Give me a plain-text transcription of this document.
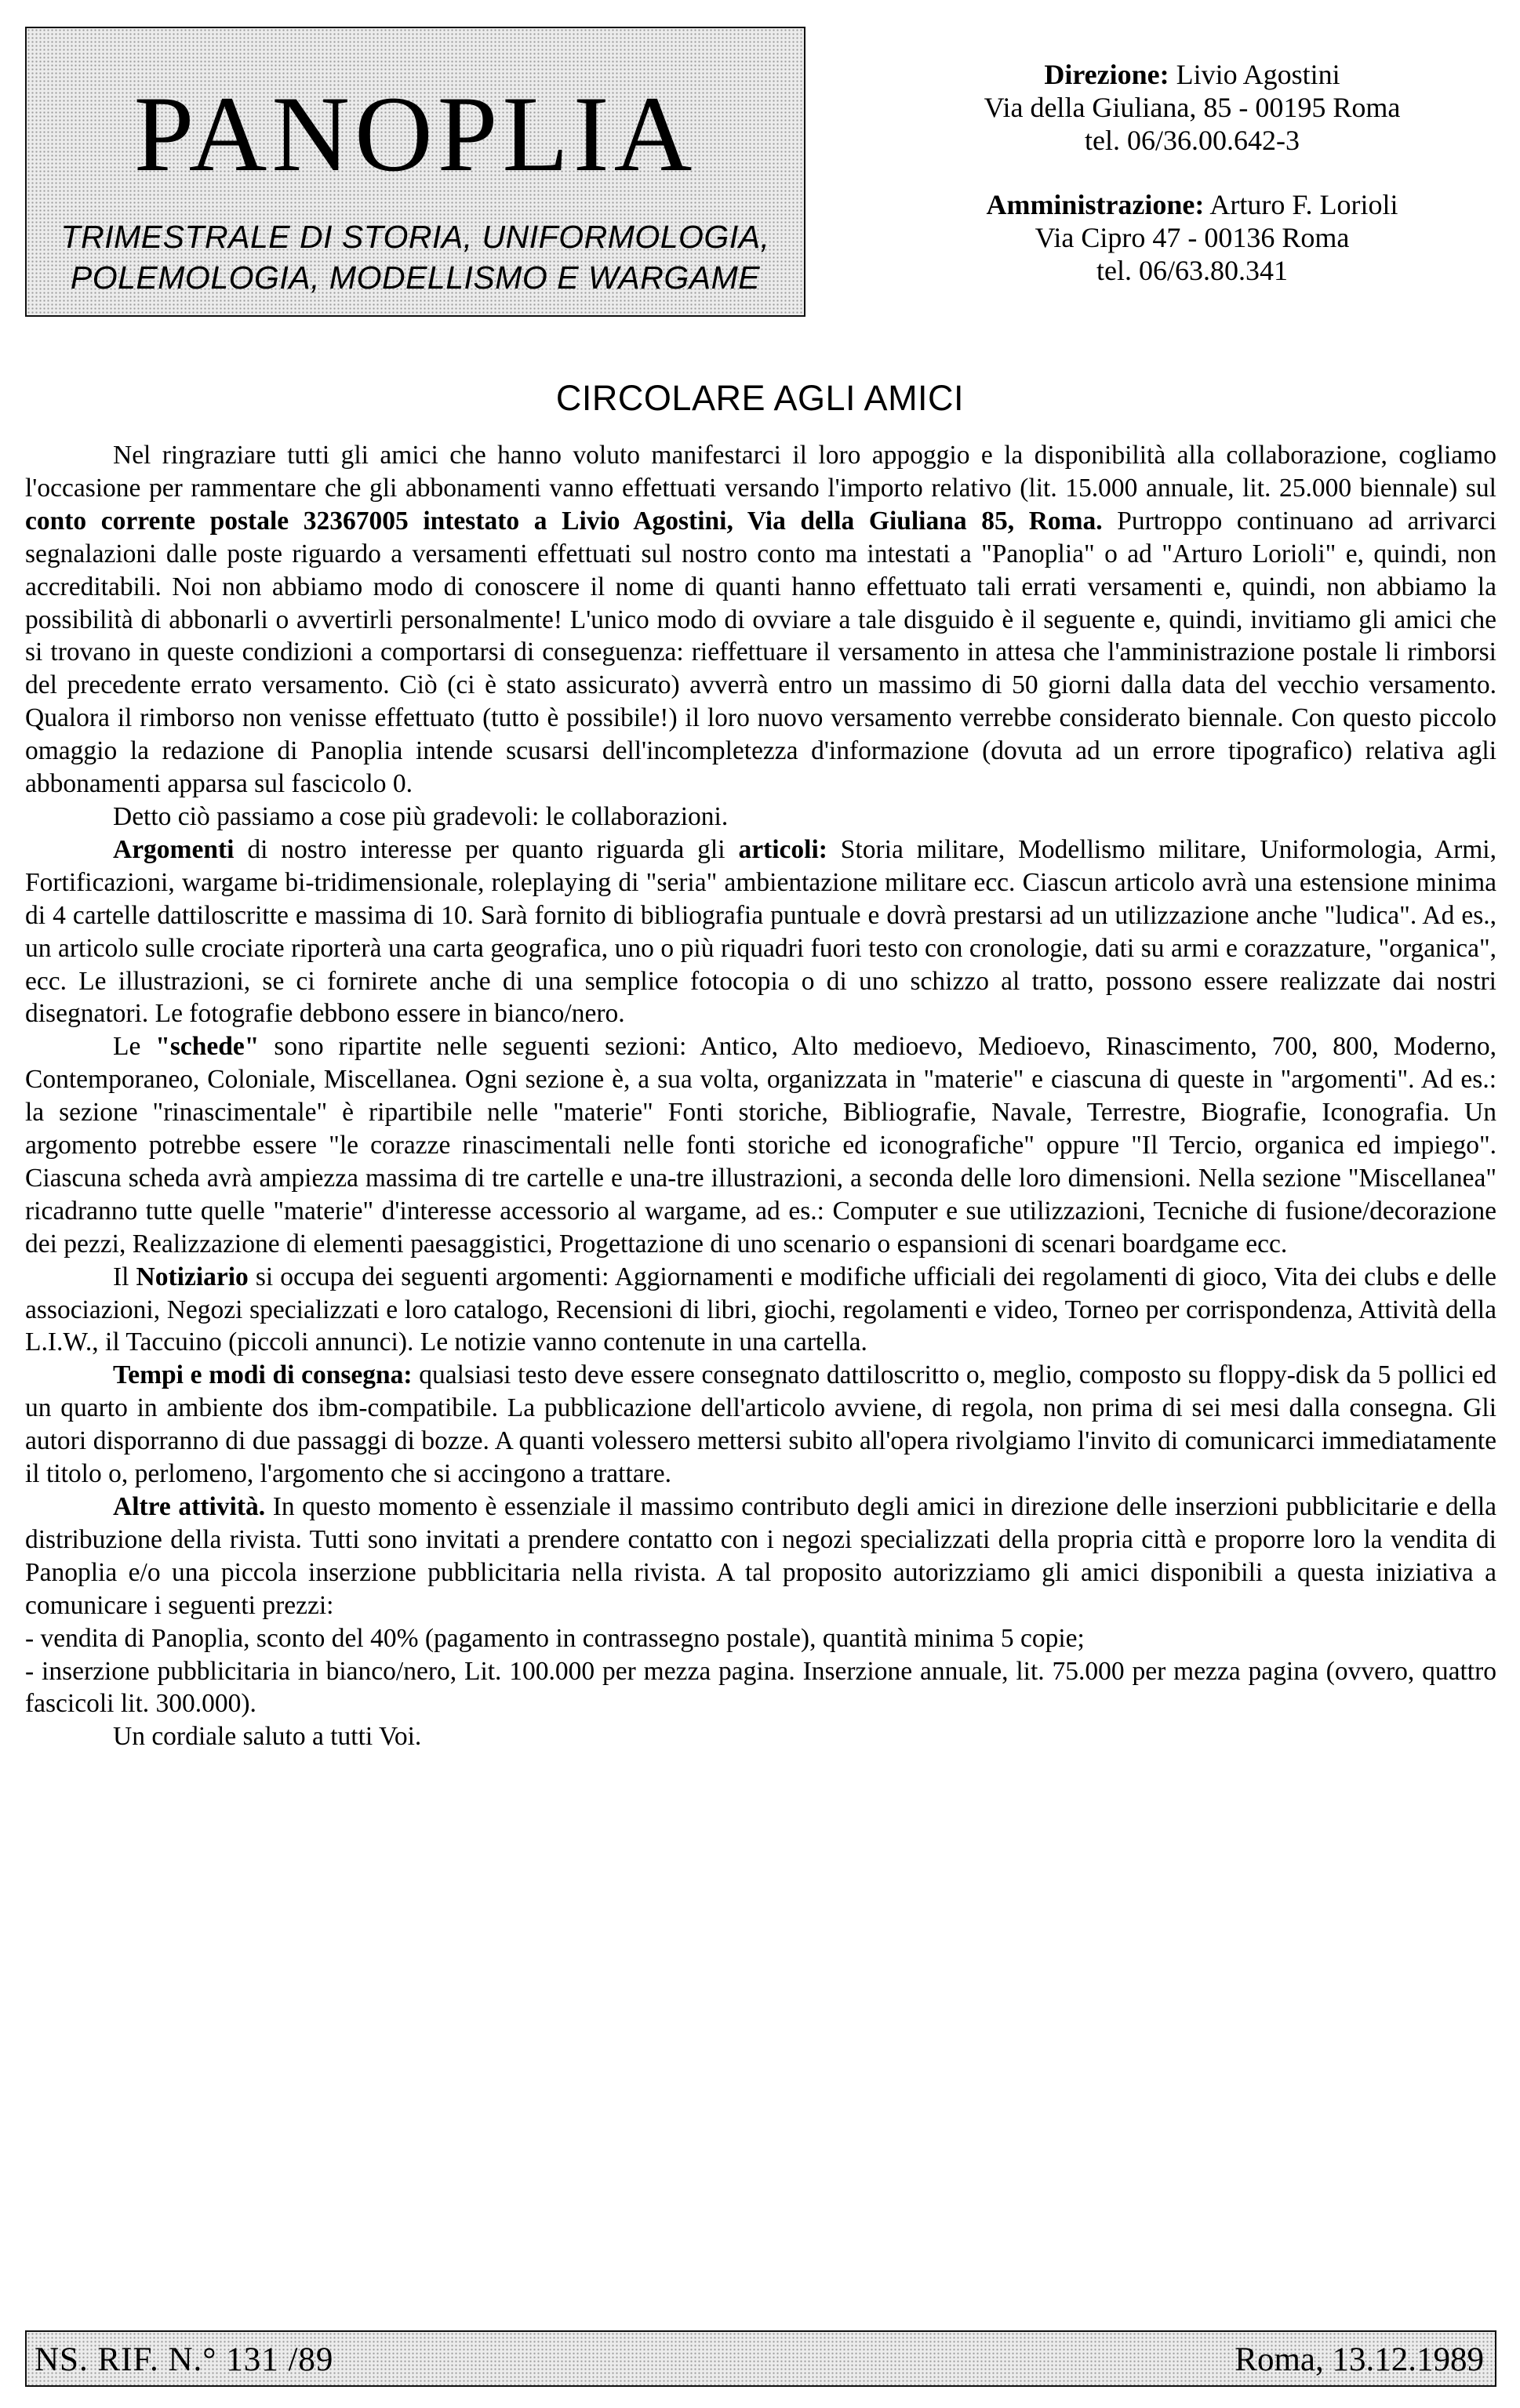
PANOPLIA
TRIMESTRALE DI STORIA, UNIFORMOLOGIA,
POLEMOLOGIA, MODELLISMO E WARGAME
Direzione: Livio Agostini
Via della Giuliana, 85 - 00195 Roma
tel. 06/36.00.642-3
Amministrazione: Arturo F. Lorioli
Via Cipro 47 - 00136 Roma
tel. 06/63.80.341
CIRCOLARE AGLI AMICI

Nel ringraziare tutti gli amici che hanno voluto manifestarci il loro appoggio e la disponibilità alla collaborazione, cogliamo l'occasione per rammentare che gli abbonamenti vanno effettuati versando l'importo relativo (lit. 15.000 annuale, lit. 25.000 biennale) sul conto corrente postale 32367005 intestato a Livio Agostini, Via della Giuliana 85, Roma. Purtroppo continuano ad arrivarci segnalazioni dalle poste riguardo a versamenti effettuati sul nostro conto ma intestati a "Panoplia" o ad "Arturo Lorioli" e, quindi, non accreditabili. Noi non abbiamo modo di conoscere il nome di quanti hanno effettuato tali errati versamenti e, quindi, non abbiamo la possibilità di abbonarli o avvertirli personalmente! L'unico modo di ovviare a tale disguido è il seguente e, quindi, invitiamo gli amici che si trovano in queste condizioni a comportarsi di conseguenza: rieffettuare il versamento in attesa che l'amministrazione postale li rimborsi del precedente errato versamento. Ciò (ci è stato assicurato) avverrà entro un massimo di 50 giorni dalla data del vecchio versamento. Qualora il rimborso non venisse effettuato (tutto è possibile!) il loro nuovo versamento verrebbe considerato biennale. Con questo piccolo omaggio la redazione di Panoplia intende scusarsi dell'incompletezza d'informazione (dovuta ad un errore tipografico) relativa agli abbonamenti apparsa sul fascicolo 0.

Detto ciò passiamo a cose più gradevoli: le collaborazioni.

Argomenti di nostro interesse per quanto riguarda gli articoli: Storia militare, Modellismo militare, Uniformologia, Armi, Fortificazioni, wargame bi-tridimensionale, roleplaying di "seria" ambientazione militare ecc. Ciascun articolo avrà una estensione minima di 4 cartelle dattiloscritte e massima di 10. Sarà fornito di bibliografia puntuale e dovrà prestarsi ad un utilizzazione anche "ludica". Ad es., un articolo sulle crociate riporterà una carta geografica, uno o più riquadri fuori testo con cronologie, dati su armi e corazzature, "organica", ecc. Le illustrazioni, se ci fornirete anche di una semplice fotocopia o di uno schizzo al tratto, possono essere realizzate dai nostri disegnatori. Le fotografie debbono essere in bianco/nero.

Le "schede" sono ripartite nelle seguenti sezioni: Antico, Alto medioevo, Medioevo, Rinascimento, 700, 800, Moderno, Contemporaneo, Coloniale, Miscellanea. Ogni sezione è, a sua volta, organizzata in "materie" e ciascuna di queste in "argomenti". Ad es.: la sezione "rinascimentale" è ripartibile nelle "materie" Fonti storiche, Bibliografie, Navale, Terrestre, Biografie, Iconografia. Un argomento potrebbe essere "le corazze rinascimentali nelle fonti storiche ed iconografiche" oppure "Il Tercio, organica ed impiego". Ciascuna scheda avrà ampiezza massima di tre cartelle e una-tre illustrazioni, a seconda delle loro dimensioni. Nella sezione "Miscellanea" ricadranno tutte quelle "materie" d'interesse accessorio al wargame, ad es.: Computer e sue utilizzazioni, Tecniche di fusione/decorazione dei pezzi, Realizzazione di elementi paesaggistici, Progettazione di uno scenario o espansioni di scenari boardgame ecc.

Il Notiziario si occupa dei seguenti argomenti: Aggiornamenti e modifiche ufficiali dei regolamenti di gioco, Vita dei clubs e delle associazioni, Negozi specializzati e loro catalogo, Recensioni di libri, giochi, regolamenti e video, Torneo per corrispondenza, Attività della L.I.W., il Taccuino (piccoli annunci). Le notizie vanno contenute in una cartella.

Tempi e modi di consegna: qualsiasi testo deve essere consegnato dattiloscritto o, meglio, composto su floppy-disk da 5 pollici ed un quarto in ambiente dos ibm-compatibile. La pubblicazione dell'articolo avviene, di regola, non prima di sei mesi dalla consegna. Gli autori disporranno di due passaggi di bozze. A quanti volessero mettersi subito all'opera rivolgiamo l'invito di comunicarci immediatamente il titolo o, perlomeno, l'argomento che si accingono a trattare.

Altre attività. In questo momento è essenziale il massimo contributo degli amici in direzione delle inserzioni pubblicitarie e della distribuzione della rivista. Tutti sono invitati a prendere contatto con i negozi specializzati della propria città e proporre loro la vendita di Panoplia e/o una piccola inserzione pubblicitaria nella rivista. A tal proposito autorizziamo gli amici disponibili a questa iniziativa a comunicare i seguenti prezzi:

- vendita di Panoplia, sconto del 40% (pagamento in contrassegno postale), quantità minima 5 copie;

- inserzione pubblicitaria in bianco/nero, Lit. 100.000 per mezza pagina. Inserzione annuale, lit. 75.000 per mezza pagina (ovvero, quattro fascicoli lit. 300.000).

Un cordiale saluto a tutti Voi.

NS. RIF. N.° 131 /89	Roma, 13.12.1989
